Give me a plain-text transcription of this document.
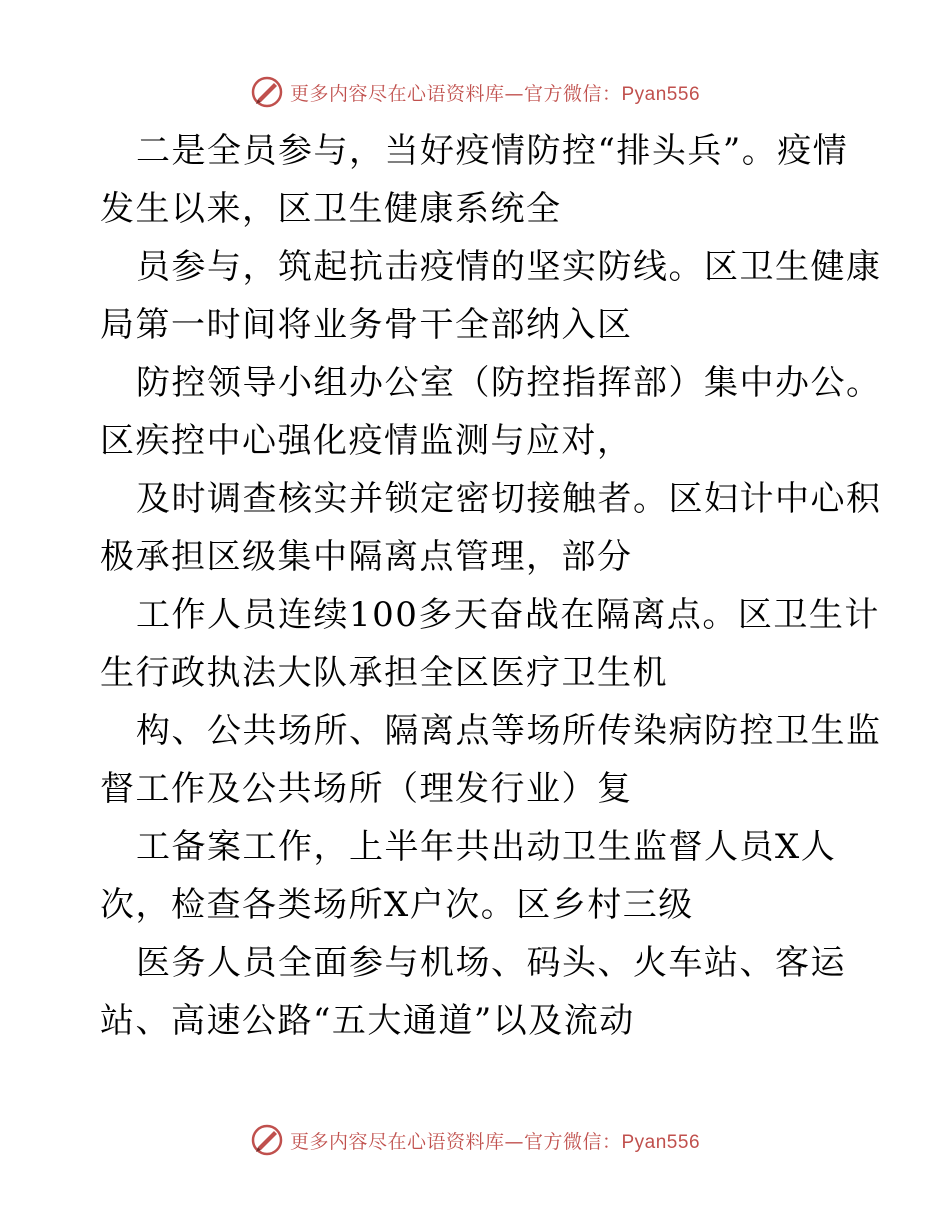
更多内容尽在心语资料库—官方微信：Pyan556
二是全员参与，当好疫情防控“排头兵”。疫情
发生以来，区卫生健康系统全
员参与，筑起抗击疫情的坚实防线。区卫生健康
局第一时间将业务骨干全部纳入区
防控领导小组办公室（防控指挥部）集中办公。
区疾控中心强化疫情监测与应对，
及时调查核实并锁定密切接触者。区妇计中心积
极承担区级集中隔离点管理，部分
工作人员连续100多天奋战在隔离点。区卫生计
生行政执法大队承担全区医疗卫生机
构、公共场所、隔离点等场所传染病防控卫生监
督工作及公共场所（理发行业）复
工备案工作，上半年共出动卫生监督人员X人
次，检查各类场所X户次。区乡村三级
医务人员全面参与机场、码头、火车站、客运
站、高速公路“五大通道”以及流动
更多内容尽在心语资料库—官方微信：Pyan556
